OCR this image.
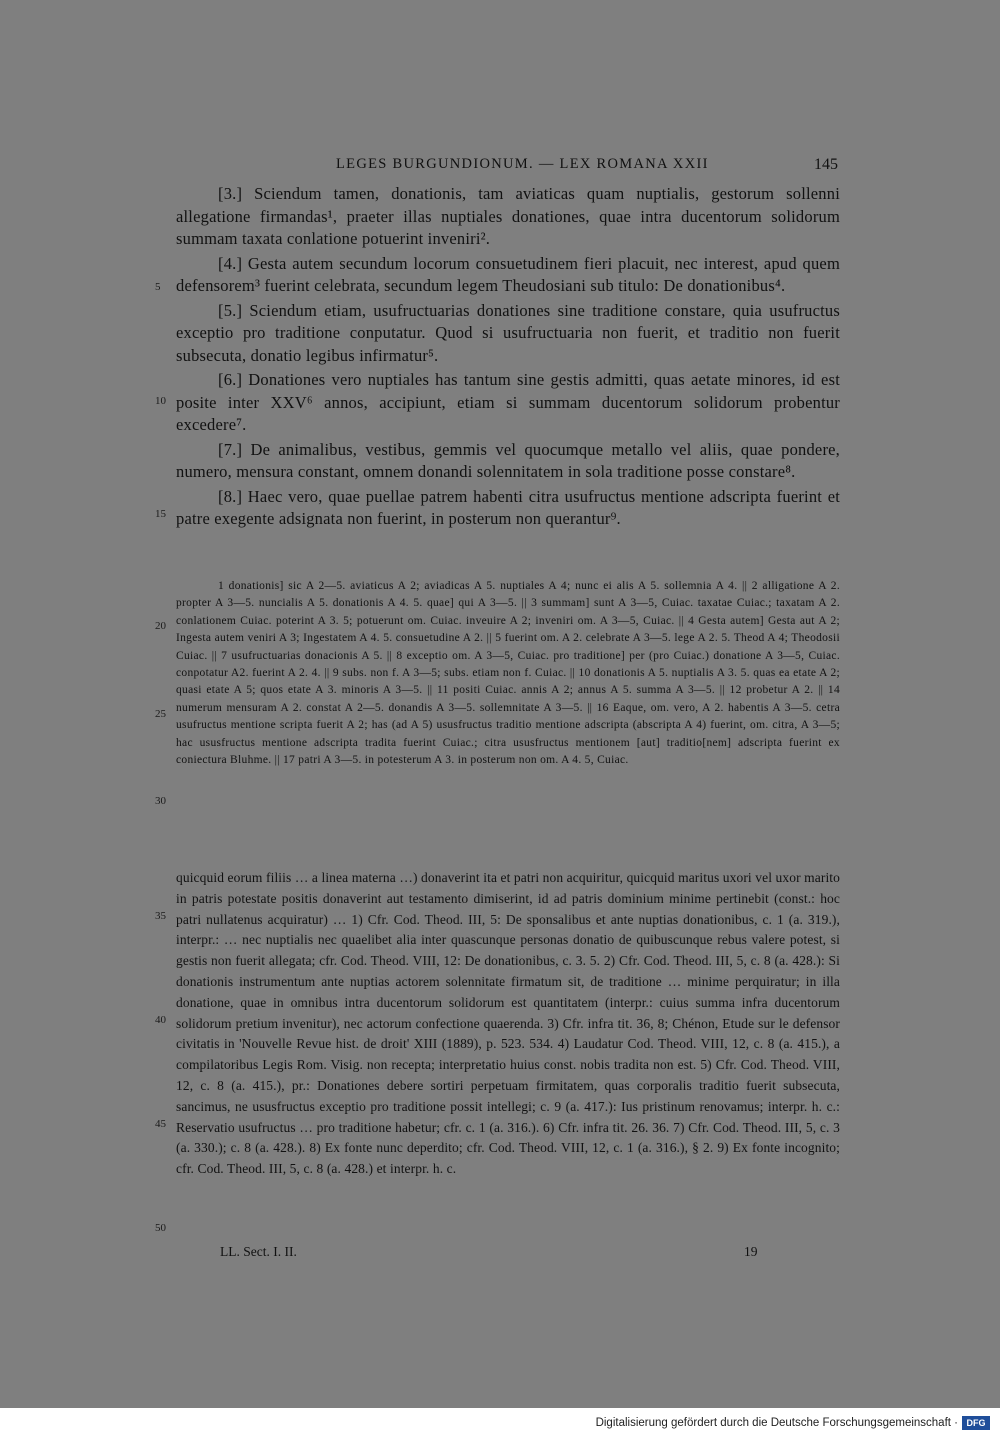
LEGES BURGUNDIONUM. — LEX ROMANA XXII	145

[3.] Sciendum tamen, donationis, tam aviaticas quam nuptialis, gestorum sollenni allegatione firmandas¹, praeter illas nuptiales donationes, quae intra ducentorum solidorum summam taxata conlatione potuerint inveniri².

[4.] Gesta autem secundum locorum consuetudinem fieri placuit, nec interest, apud quem defensorem³ fuerint celebrata, secundum legem Theudosiani sub titulo: De donationibus⁴.

[5.] Sciendum etiam, usufructuarias donationes sine traditione constare, quia usufructus exceptio pro traditione conputatur. Quod si usufructuaria non fuerit, et traditio non fuerit subsecuta, donatio legibus infirmatur⁵.

[6.] Donationes vero nuptiales has tantum sine gestis admitti, quas aetate minores, id est posite inter XXV⁶ annos, accipiunt, etiam si summam ducentorum solidorum probentur excedere⁷.

[7.] De animalibus, vestibus, gemmis vel quocumque metallo vel aliis, quae pondere, numero, mensura constant, omnem donandi solennitatem in sola traditione posse constare⁸.

[8.] Haec vero, quae puellae patrem habenti citra usufructus mentione adscripta fuerint et patre exegente adsignata non fuerint, in posterum non querantur⁹.

5
10
15

1 donationis] sic A 2—5. aviaticus A 2; aviadicas A 5. nuptiales A 4; nunc ei alis A 5. sollemnia A 4. || 2 alligatione A 2. propter A 3—5. nuncialis A 5. donationis A 4. 5. quae] qui A 3—5. || 3 summam] sunt A 3—5, Cuiac. taxatae Cuiac.; taxatam A 2. conlationem Cuiac. poterint A 3. 5; potuerunt om. Cuiac. inveuire A 2; inveniri om. A 3—5, Cuiac. || 4 Gesta autem] Gesta aut A 2; Ingesta autem veniri A 3; Ingestatem A 4. 5. consuetudine A 2. || 5 fuerint om. A 2. celebrate A 3—5. lege A 2. 5. Theod A 4; Theodosii Cuiac. || 7 usufructuarias donacionis A 5. || 8 exceptio om. A 3—5, Cuiac. pro traditione] per (pro Cuiac.) donatione A 3—5, Cuiac. conpotatur A2. fuerint A 2. 4. || 9 subs. non f. A 3—5; subs. etiam non f. Cuiac. || 10 donationis A 5. nuptialis A 3. 5. quas ea etate A 2; quasi etate A 5; quos etate A 3. minoris A 3—5. || 11 positi Cuiac. annis A 2; annus A 5. summa A 3—5. || 12 probetur A 2. || 14 numerum mensuram A 2. constat A 2—5. donandis A 3—5. sollemnitate A 3—5. || 16 Eaque, om. vero, A 2. habentis A 3—5. cetra usufructus mentione scripta fuerit A 2; has (ad A 5) ususfructus traditio mentione adscripta (abscripta A 4) fuerint, om. citra, A 3—5; hac ususfructus mentione adscripta tradita fuerint Cuiac.; citra ususfructus mentionem [aut] traditio[nem] adscripta fuerint ex coniectura Bluhme. || 17 patri A 3—5. in potesterum A 3. in posterum non om. A 4. 5, Cuiac.

20
25
30

quicquid eorum filiis … a linea materna …) donaverint ita et patri non acquiritur, quicquid maritus uxori vel uxor marito in patris potestate positis donaverint aut testamento dimiserint, id ad patris dominium minime pertinebit (const.: hoc patri nullatenus acquiratur) … 1) Cfr. Cod. Theod. III, 5: De sponsalibus et ante nuptias donationibus, c. 1 (a. 319.), interpr.: … nec nuptialis nec quaelibet alia inter quascunque personas donatio de quibuscunque rebus valere potest, si gestis non fuerit allegata; cfr. Cod. Theod. VIII, 12: De donationibus, c. 3. 5. 2) Cfr. Cod. Theod. III, 5, c. 8 (a. 428.): Si donationis instrumentum ante nuptias actorem solennitate firmatum sit, de traditione … minime perquiratur; in illa donatione, quae in omnibus intra ducentorum solidorum est quantitatem (interpr.: cuius summa infra ducentorum solidorum pretium invenitur), nec actorum confectione quaerenda. 3) Cfr. infra tit. 36, 8; Chénon, Etude sur le defensor civitatis in 'Nouvelle Revue hist. de droit' XIII (1889), p. 523. 534. 4) Laudatur Cod. Theod. VIII, 12, c. 8 (a. 415.), a compilatoribus Legis Rom. Visig. non recepta; interpretatio huius const. nobis tradita non est. 5) Cfr. Cod. Theod. VIII, 12, c. 8 (a. 415.), pr.: Donationes debere sortiri perpetuam firmitatem, quas corporalis traditio fuerit subsecuta, sancimus, ne ususfructus exceptio pro traditione possit intellegi; c. 9 (a. 417.): Ius pristinum renovamus; interpr. h. c.: Reservatio usufructus … pro traditione habetur; cfr. c. 1 (a. 316.). 6) Cfr. infra tit. 26. 36. 7) Cfr. Cod. Theod. III, 5, c. 3 (a. 330.); c. 8 (a. 428.). 8) Ex fonte nunc deperdito; cfr. Cod. Theod. VIII, 12, c. 1 (a. 316.), § 2. 9) Ex fonte incognito; cfr. Cod. Theod. III, 5, c. 8 (a. 428.) et interpr. h. c.

35
40
45
50
LL. Sect. I. II.	19
Digitalisierung gefördert durch die Deutsche Forschungsgemeinschaft · DFG
